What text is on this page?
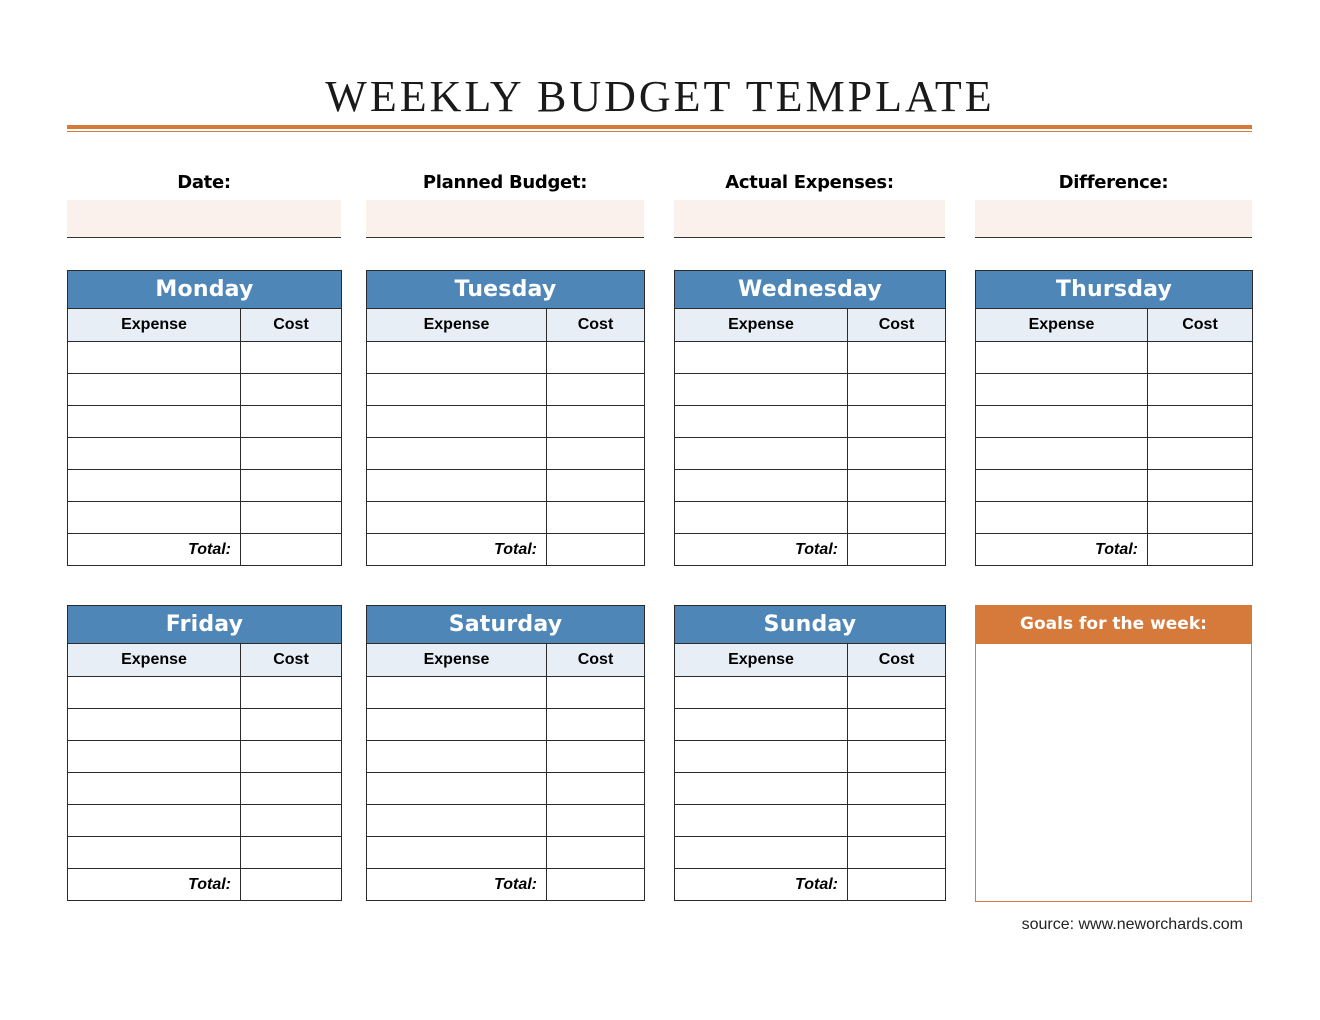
WEEKLY BUDGET TEMPLATE
Date:	Planned Budget:	Actual Expenses:	Difference:
Monday	
Expense	Cost

Total:	
Tuesday	
Expense	Cost

Total:	
Wednesday	
Expense	Cost

Total:	
Thursday	
Expense	Cost

Total:	
Friday	
Expense	Cost

Total:	
Saturday	
Expense	Cost

Total:	
Sunday	
Expense	Cost

Total:	
Goals for the week:
source: www.neworchards.com
